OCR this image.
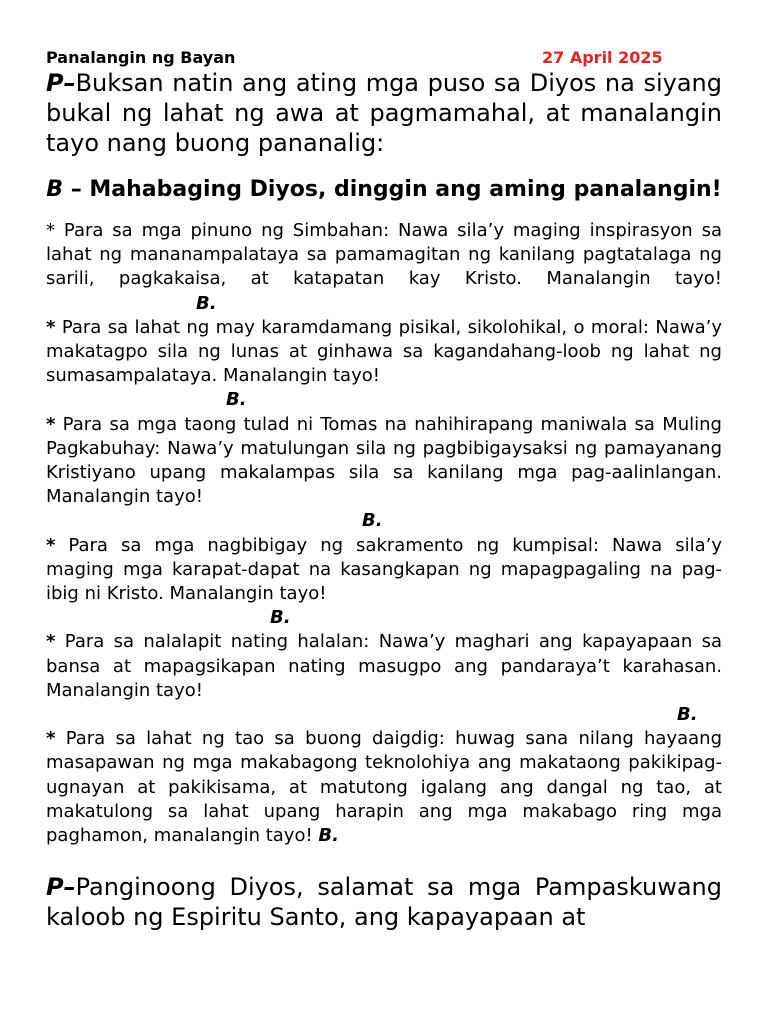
Panalangin ng Bayan	27 April 2025

P–Buksan natin ang ating mga puso sa Diyos na siyang bukal ng lahat ng awa at pagmamahal, at manalangin tayo nang buong pananalig:

B – Mahabaging Diyos, dinggin ang aming panalangin!

* Para sa mga pinuno ng Simbahan: Nawa sila’y maging inspirasyon sa lahat ng mananampalataya sa pamamagitan ng kanilang pagtatalaga ng sarili, pagkakaisa, at katapatan kay Kristo. Manalangin tayo!B.

* Para sa lahat ng may karamdamang pisikal, sikolohikal, o moral: Nawa’y makatagpo sila ng lunas at ginhawa sa kagandahang-loob ng lahat ng sumasampalataya. Manalangin tayo!

B.

* Para sa mga taong tulad ni Tomas na nahihirapang maniwala sa Muling Pagkabuhay: Nawa’y matulungan sila ng pagbibigaysaksi ng pamayanang Kristiyano upang makalampas sila sa kanilang mga pag-aalinlangan. Manalangin tayo!

B.

* Para sa mga nagbibigay ng sakramento ng kumpisal: Nawa sila’y maging mga karapat-dapat na kasangkapan ng mapagpagaling na pag-ibig ni Kristo. Manalangin tayo!

B.

* Para sa nalalapit nating halalan: Nawa’y maghari ang kapayapaan sa bansa at mapagsikapan nating masugpo ang pandaraya’t karahasan. Manalangin tayo!

B.

* Para sa lahat ng tao sa buong daigdig: huwag sana nilang hayaang masapawan ng mga makabagong teknolohiya ang makataong pakikipag-ugnayan at pakikisama, at matutong igalang ang dangal ng tao, at makatulong sa lahat upang harapin ang mga makabago ring mga paghamon, manalangin tayo! B.

P–Panginoong Diyos, salamat sa mga Pampaskuwang kaloob ng Espiritu Santo, ang kapayapaan at
